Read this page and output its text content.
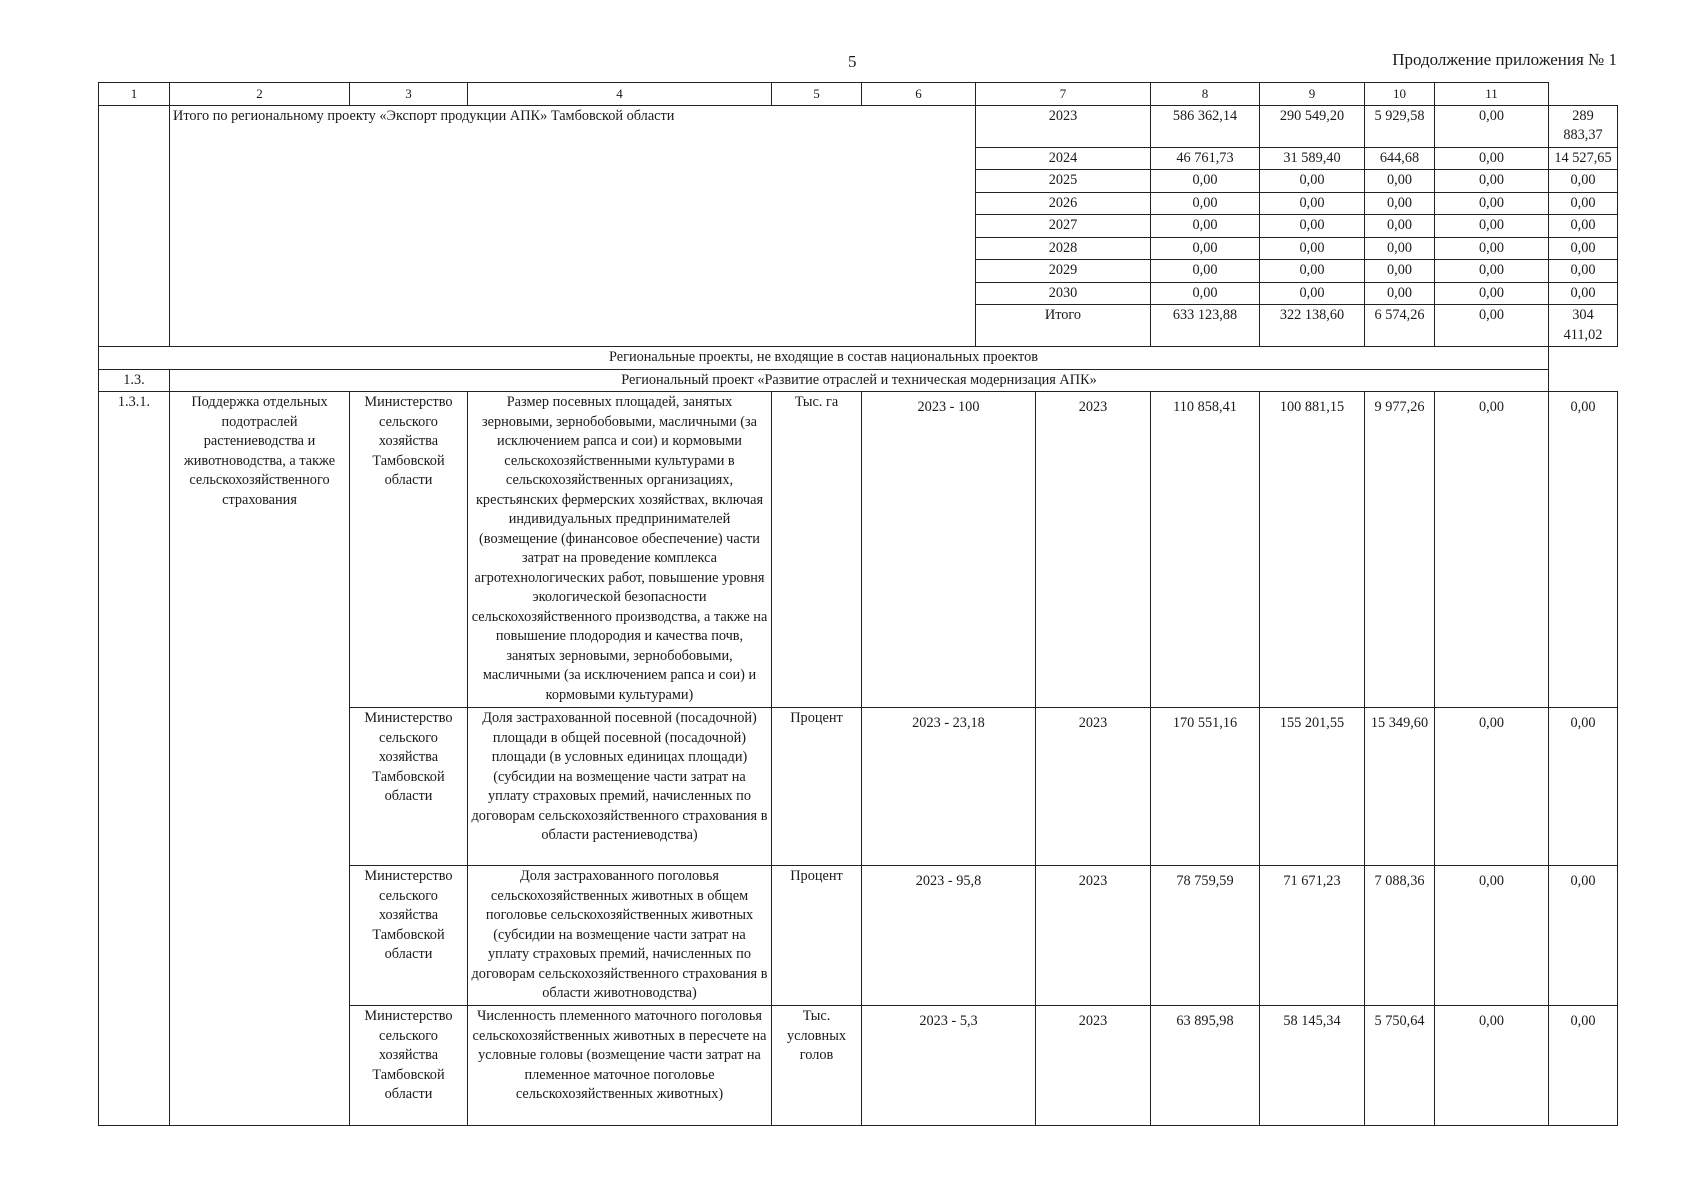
5	Продолжение приложения № 1
1	2	3	4	5	6	7		8	9	10	11	
	Итого по региональному проекту «Экспорт продукции АПК» Тамбовской области					2023		586 362,14	290 549,20	5 929,58	0,00	289 883,37
						2024		46 761,73	31 589,40	644,68	0,00	14 527,65
						2025		0,00	0,00	0,00	0,00	0,00
						2026		0,00	0,00	0,00	0,00	0,00
						2027		0,00	0,00	0,00	0,00	0,00
						2028		0,00	0,00	0,00	0,00	0,00
						2029		0,00	0,00	0,00	0,00	0,00
						2030		0,00	0,00	0,00	0,00	0,00
						Итого		633 123,88	322 138,60	6 574,26	0,00	304 411,02
Региональные проекты, не входящие в состав национальных проектов												
1.3.	Региональный проект «Развитие отраслей и техническая модернизация АПК»											
1.3.1.	Поддержка отдельных подотраслей растениеводства и животноводства, а также сельскохозяйственного страхования	Министерство сельского хозяйства Тамбовской области	Размер посевных площадей, занятых зерновыми, зернобобовыми, масличными (за исключением рапса и сои) и кормовыми сельскохозяйственными культурами в сельскохозяйственных организациях, крестьянских фермерских хозяйствах, включая индивидуальных предпринимателей (возмещение (финансовое обеспечение) части затрат на проведение комплекса агротехнологических работ, повышение уровня экологической безопасности сельскохозяйственного производства, а также на повышение плодородия и качества почв, занятых зерновыми, зернобобовыми, масличными (за исключением рапса и сои) и кормовыми культурами)	Тыс. га	2023 - 100		2023	110 858,41	100 881,15	9 977,26	0,00	0,00
		Министерство сельского хозяйства Тамбовской области	Доля застрахованной посевной (посадочной) площади в общей посевной (посадочной) площади (в условных единицах площади) (субсидии на возмещение части затрат на уплату страховых премий, начисленных по договорам сельскохозяйственного страхования в области растениеводства)	Процент	2023 - 23,18		2023	170 551,16	155 201,55	15 349,60	0,00	0,00
		Министерство сельского хозяйства Тамбовской области	Доля застрахованного поголовья сельскохозяйственных животных в общем поголовье сельскохозяйственных животных (субсидии на возмещение части затрат на уплату страховых премий, начисленных по договорам сельскохозяйственного страхования в области животноводства)	Процент	2023 - 95,8		2023	78 759,59	71 671,23	7 088,36	0,00	0,00
		Министерство сельского хозяйства Тамбовской области	Численность племенного маточного поголовья сельскохозяйственных животных в пересчете на условные головы (возмещение части затрат на племенное маточное поголовье сельскохозяйственных животных)	Тыс. условных голов	2023 - 5,3		2023	63 895,98	58 145,34	5 750,64	0,00	0,00
